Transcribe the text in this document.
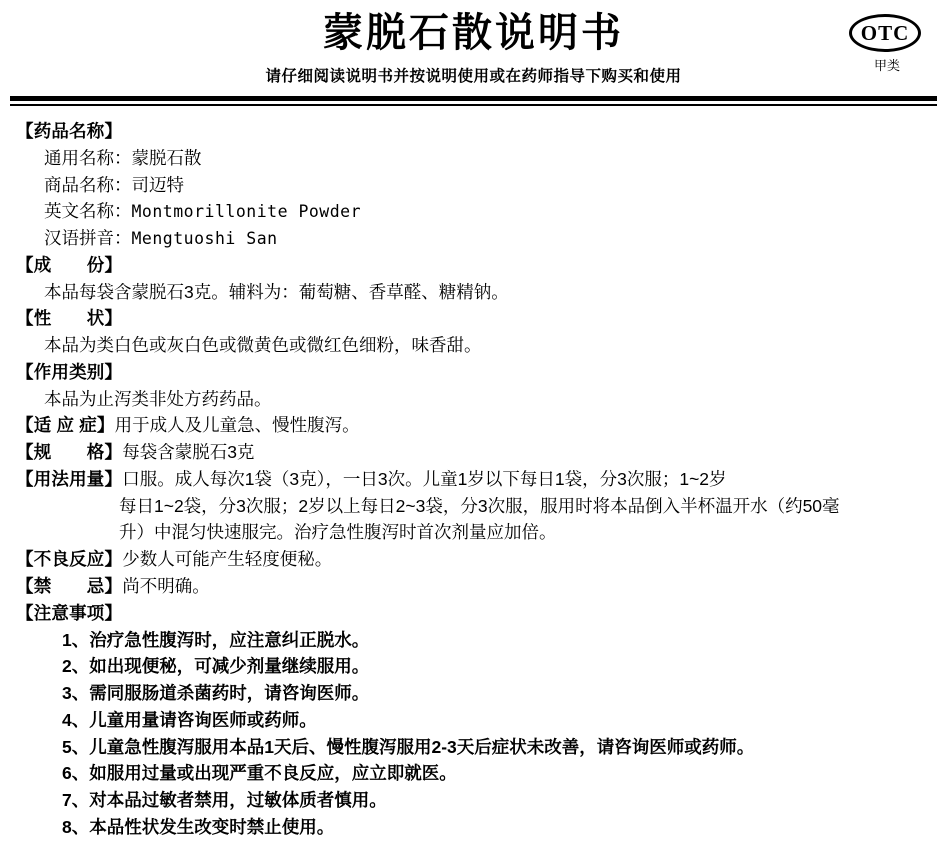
蒙脱石散说明书
请仔细阅读说明书并按说明使用或在药师指导下购买和使用
OTC
甲类
【药品名称】
通用名称：蒙脱石散
商品名称：司迈特
英文名称：Montmorillonite Powder
汉语拼音：Mengtuoshi San
【成　　份】
本品每袋含蒙脱石3克。辅料为：葡萄糖、香草醛、糖精钠。
【性　　状】
本品为类白色或灰白色或微黄色或微红色细粉，味香甜。
【作用类别】
本品为止泻类非处方药药品。
【适 应 症】用于成人及儿童急、慢性腹泻。
【规　　格】每袋含蒙脱石3克
【用法用量】口服。成人每次1袋（3克），一日3次。儿童1岁以下每日1袋，分3次服；1~2岁
每日1~2袋，分3次服；2岁以上每日2~3袋，分3次服，服用时将本品倒入半杯温开水（约50毫
升）中混匀快速服完。治疗急性腹泻时首次剂量应加倍。
【不良反应】少数人可能产生轻度便秘。
【禁　　忌】尚不明确。
【注意事项】
1、治疗急性腹泻时，应注意纠正脱水。
2、如出现便秘，可减少剂量继续服用。
3、需同服肠道杀菌药时，请咨询医师。
4、儿童用量请咨询医师或药师。
5、儿童急性腹泻服用本品1天后、慢性腹泻服用2-3天后症状未改善，请咨询医师或药师。
6、如服用过量或出现严重不良反应，应立即就医。
7、对本品过敏者禁用，过敏体质者慎用。
8、本品性状发生改变时禁止使用。
